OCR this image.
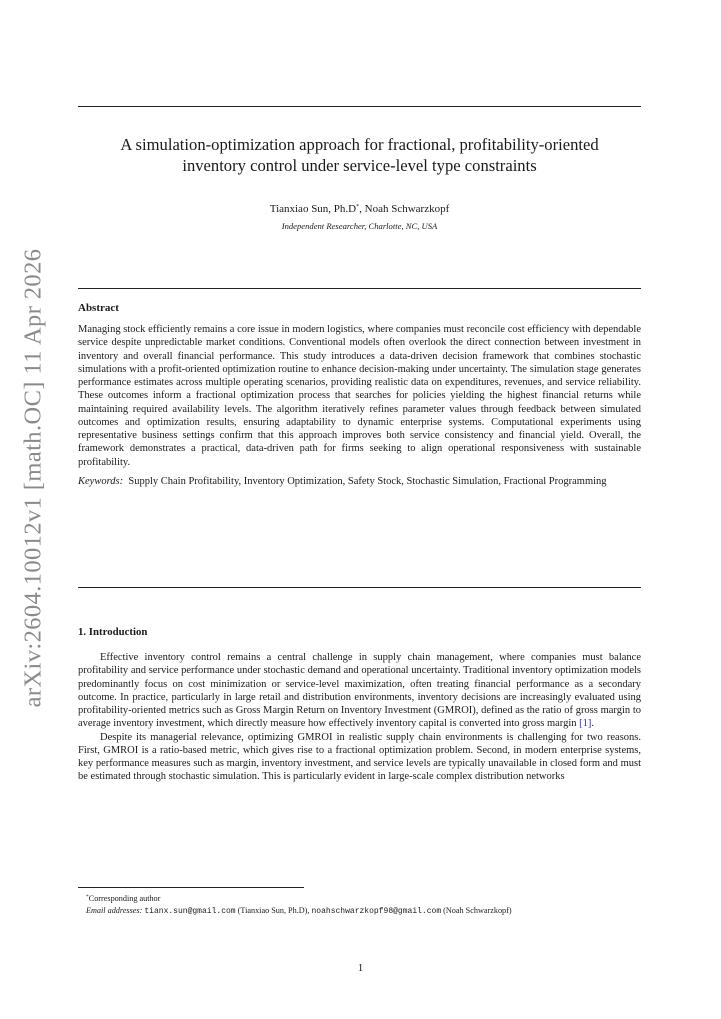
arXiv:2604.10012v1 [math.OC] 11 Apr 2026
A simulation-optimization approach for fractional, profitability-oriented
inventory control under service-level type constraints
Tianxiao Sun, Ph.D*, Noah Schwarzkopf
Independent Researcher, Charlotte, NC, USA
Abstract

Managing stock efficiently remains a core issue in modern logistics, where companies must reconcile cost efficiency with dependable service despite unpredictable market conditions. Conventional models often overlook the direct connection between investment in inventory and overall financial performance. This study introduces a data-driven decision framework that combines stochastic simulations with a profit-oriented optimization routine to enhance decision-making under uncertainty. The simulation stage generates performance estimates across multiple operating scenarios, providing realistic data on expenditures, revenues, and service reliability. These outcomes inform a fractional optimization process that searches for policies yielding the highest financial returns while maintaining required availability levels. The algorithm iteratively refines parameter values through feedback between simulated outcomes and optimization results, ensuring adaptability to dynamic enterprise systems. Computational experiments using representative business settings confirm that this approach improves both service consistency and financial yield. Overall, the framework demonstrates a practical, data-driven path for firms seeking to align operational responsiveness with sustainable profitability.

Keywords: Supply Chain Profitability, Inventory Optimization, Safety Stock, Stochastic Simulation, Fractional Programming
1. Introduction

Effective inventory control remains a central challenge in supply chain management, where companies must balance profitability and service performance under stochastic demand and operational uncertainty. Traditional inventory optimization models predominantly focus on cost minimization or service-level maximization, often treating financial performance as a secondary outcome. In practice, particularly in large retail and distribution environments, inventory decisions are increasingly evaluated using profitability-oriented metrics such as Gross Margin Return on Inventory Investment (GMROI), defined as the ratio of gross margin to average inventory investment, which directly measure how effectively inventory capital is converted into gross margin [1].

Despite its managerial relevance, optimizing GMROI in realistic supply chain environments is challenging for two reasons. First, GMROI is a ratio-based metric, which gives rise to a fractional optimization problem. Second, in modern enterprise systems, key performance measures such as margin, inventory investment, and service levels are typically unavailable in closed form and must be estimated through stochastic simulation. This is particularly evident in large-scale complex distribution networks

*Corresponding author
Email addresses: tianx.sun@gmail.com (Tianxiao Sun, Ph.D), noahschwarzkopf98@gmail.com (Noah Schwarzkopf)
1
